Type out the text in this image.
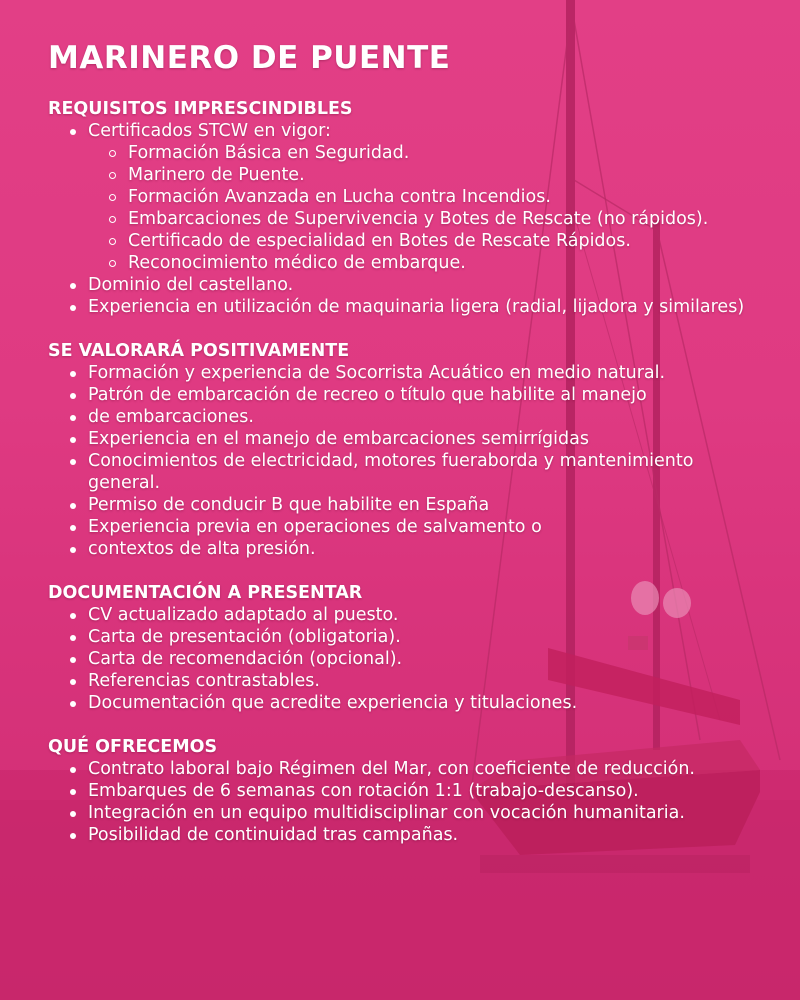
MARINERO DE PUENTE
REQUISITOS IMPRESCINDIBLES
Certificados STCW en vigor:
Formación Básica en Seguridad.
Marinero de Puente.
Formación Avanzada en Lucha contra Incendios.
Embarcaciones de Supervivencia y Botes de Rescate (no rápidos).
Certificado de especialidad en Botes de Rescate Rápidos.
Reconocimiento médico de embarque.
Dominio del castellano.
Experiencia en utilización de maquinaria ligera (radial, lijadora y similares)
SE VALORARÁ POSITIVAMENTE
Formación y experiencia de Socorrista Acuático en medio natural.
Patrón de embarcación de recreo o título que habilite al manejo
de embarcaciones.
Experiencia en el manejo de embarcaciones semirrígidas
Conocimientos de electricidad, motores fueraborda y mantenimiento general.
Permiso de conducir B que habilite en España
Experiencia previa en operaciones de salvamento o
contextos de alta presión.
DOCUMENTACIÓN A PRESENTAR
CV actualizado adaptado al puesto.
Carta de presentación (obligatoria).
Carta de recomendación (opcional).
Referencias contrastables.
Documentación que acredite experiencia y titulaciones.
QUÉ OFRECEMOS
Contrato laboral bajo Régimen del Mar, con coeficiente de reducción.
Embarques de 6 semanas con rotación 1:1 (trabajo-descanso).
Integración en un equipo multidisciplinar con vocación humanitaria.
Posibilidad de continuidad tras campañas.
